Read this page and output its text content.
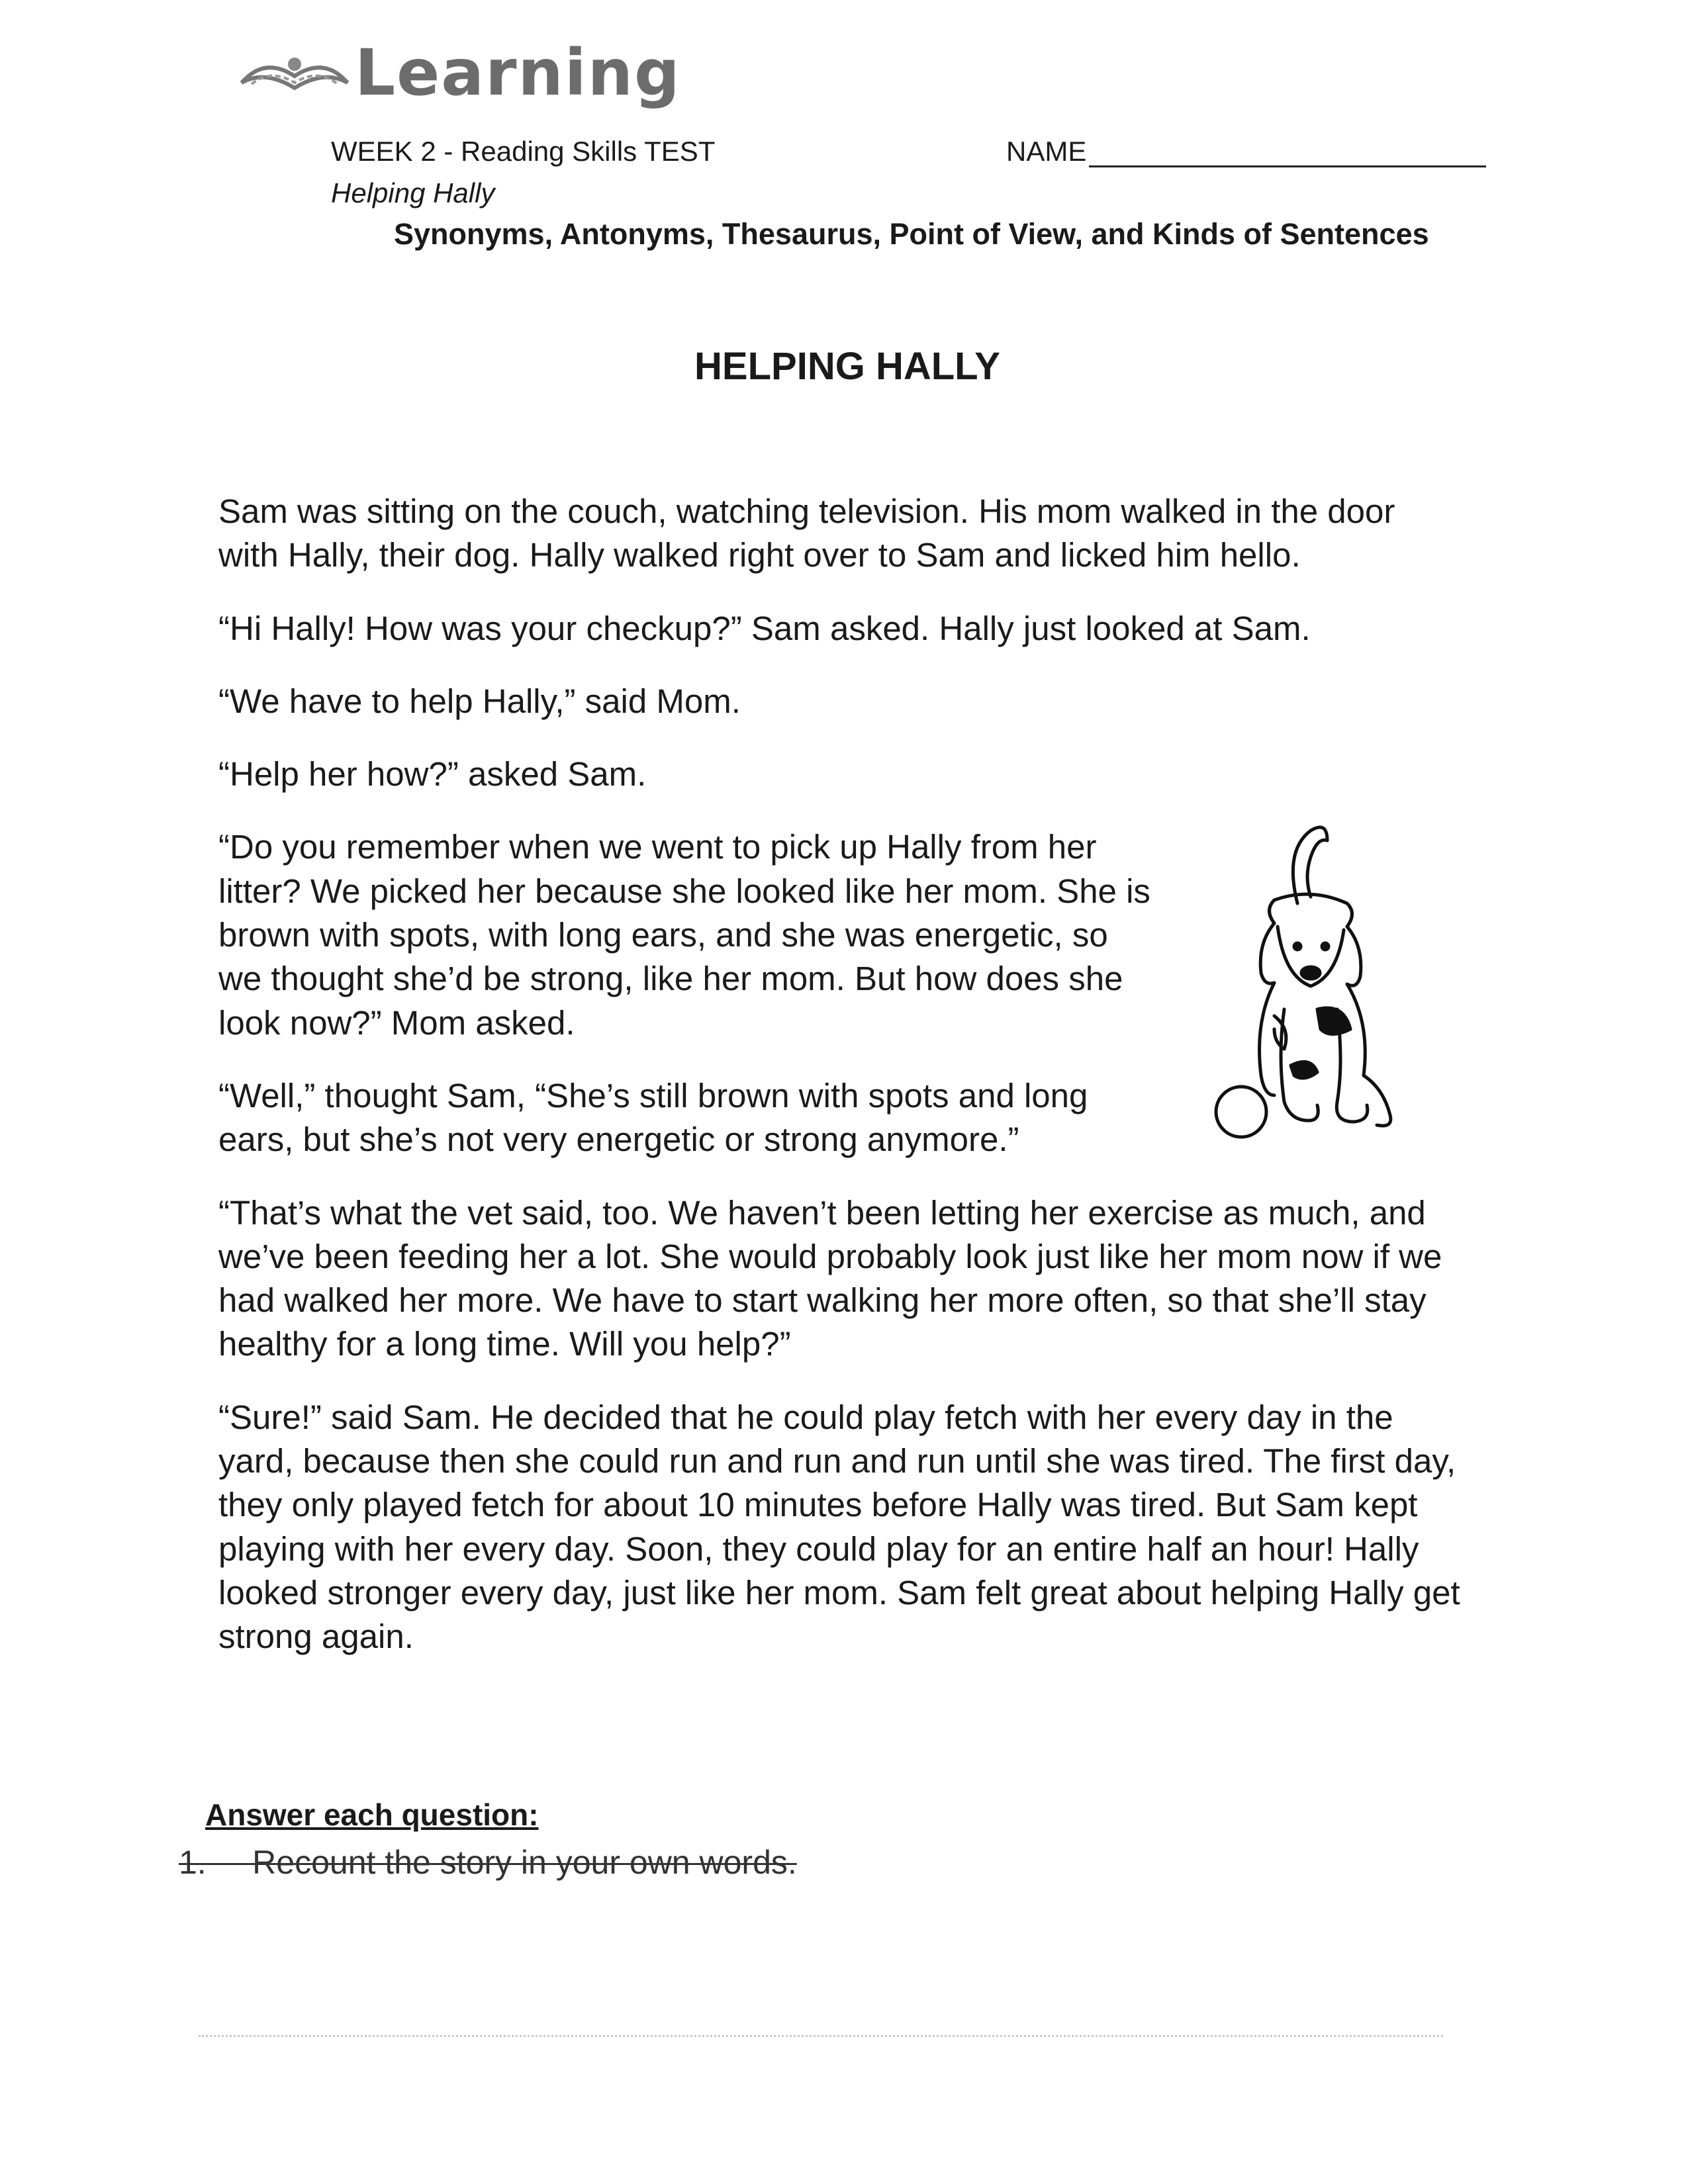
Learning
WEEK 2 - Reading Skills TEST
Helping Hally
NAME
Synonyms, Antonyms, Thesaurus, Point of View, and Kinds of Sentences
HELPING HALLY

Sam was sitting on the couch, watching television. His mom walked in the door with Hally, their dog. Hally walked right over to Sam and licked him hello.

“Hi Hally! How was your checkup?” Sam asked. Hally just looked at Sam.

“We have to help Hally,” said Mom.

“Help her how?” asked Sam.

“Do you remember when we went to pick up Hally from her litter? We picked her because she looked like her mom. She is brown with spots, with long ears, and she was energetic, so we thought she’d be strong, like her mom. But how does she look now?” Mom asked.

“Well,” thought Sam, “She’s still brown with spots and long ears, but she’s not very energetic or strong anymore.”

“That’s what the vet said, too. We haven’t been letting her exercise as much, and we’ve been feeding her a lot. She would probably look just like her mom now if we had walked her more. We have to start walking her more often, so that she’ll stay healthy for a long time. Will you help?”

“Sure!” said Sam. He decided that he could play fetch with her every day in the yard, because then she could run and run and run until she was tired. The first day, they only played fetch for about 10 minutes before Hally was tired. But Sam kept playing with her every day. Soon, they could play for an entire half an hour! Hally looked stronger every day, just like her mom. Sam felt great about helping Hally get strong again.

Answer each question:
1.     Recount the story in your own words.
